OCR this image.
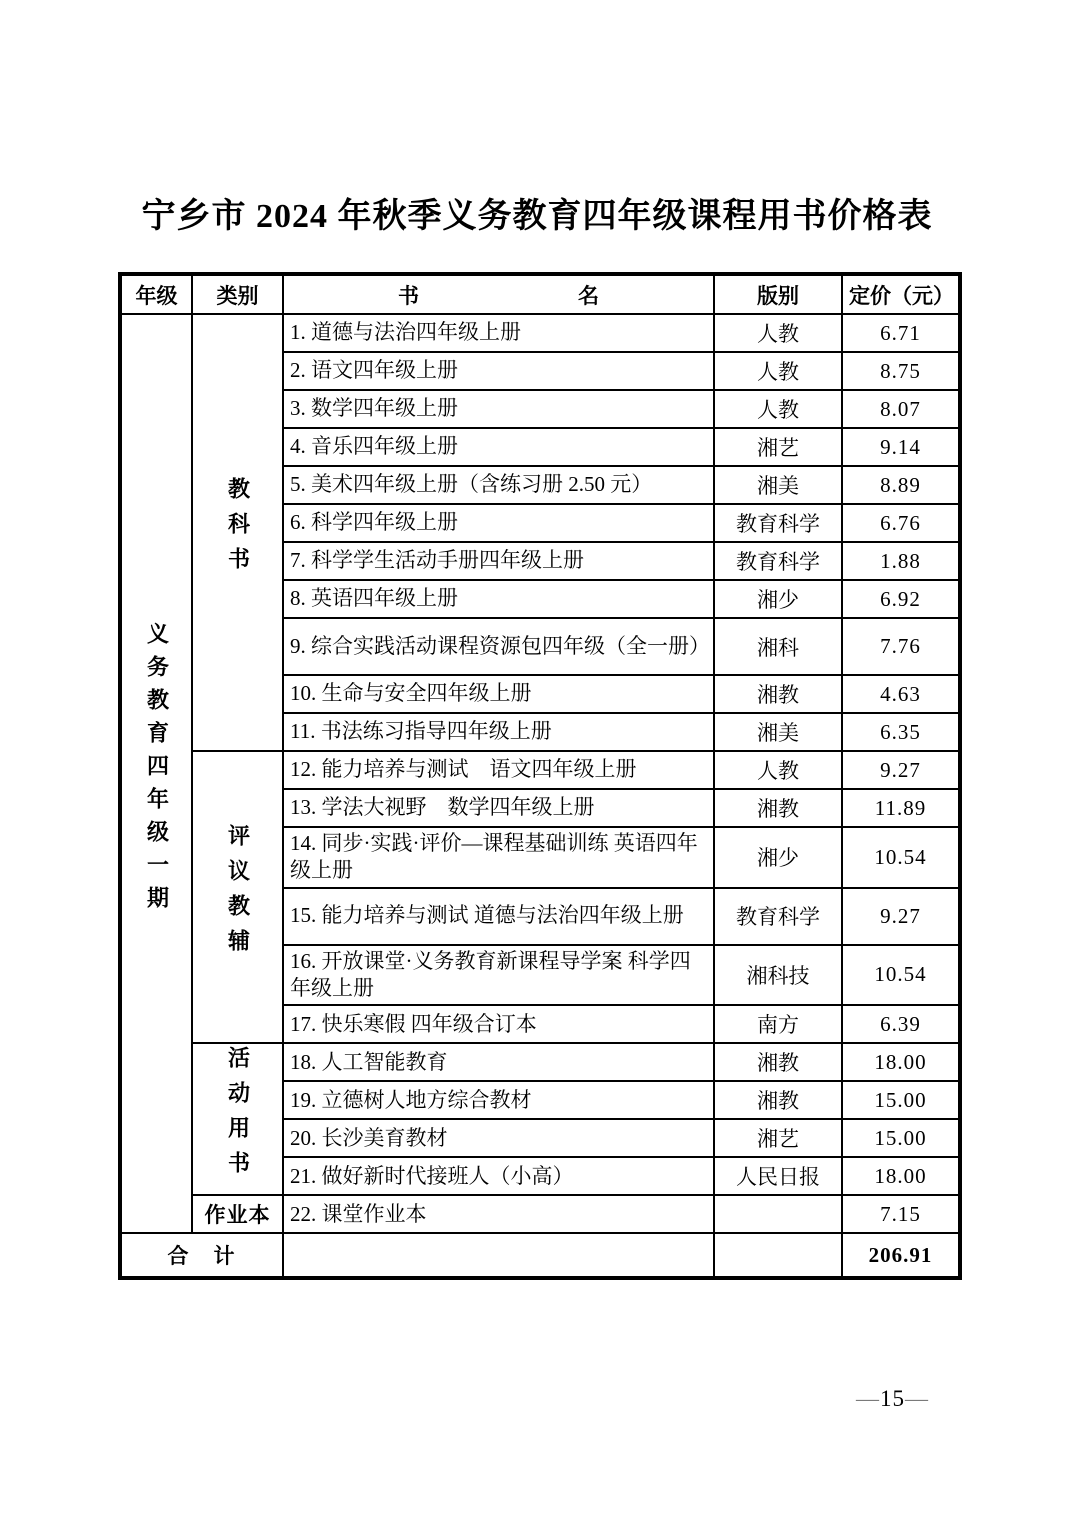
宁乡市 2024 年秋季义务教育四年级课程用书价格表
年级	类别	书 名	版别	定价（元）
义务教育四年级一期	教科书	1. 道德与法治四年级上册	人教	6.71
		2. 语文四年级上册	人教	8.75
		3. 数学四年级上册	人教	8.07
		4. 音乐四年级上册	湘艺	9.14
		5. 美术四年级上册（含练习册 2.50 元）	湘美	8.89
		6. 科学四年级上册	教育科学	6.76
		7. 科学学生活动手册四年级上册	教育科学	1.88
		8. 英语四年级上册	湘少	6.92
		9. 综合实践活动课程资源包四年级（全一册）	湘科	7.76
		10. 生命与安全四年级上册	湘教	4.63
		11. 书法练习指导四年级上册	湘美	6.35
	评议教辅	12. 能力培养与测试　语文四年级上册	人教	9.27
		13. 学法大视野　数学四年级上册	湘教	11.89
		14. 同步·实践·评价—课程基础训练 英语四年级上册	湘少	10.54
		15. 能力培养与测试 道德与法治四年级上册	教育科学	9.27
		16. 开放课堂·义务教育新课程导学案 科学四年级上册	湘科技	10.54
		17. 快乐寒假 四年级合订本	南方	6.39
	活动用书	18. 人工智能教育	湘教	18.00
		19. 立德树人地方综合教材	湘教	15.00
		20. 长沙美育教材	湘艺	15.00
		21. 做好新时代接班人（小高）	人民日报	18.00
	作业本	22. 课堂作业本		7.15
合　计				206.91
—15—
